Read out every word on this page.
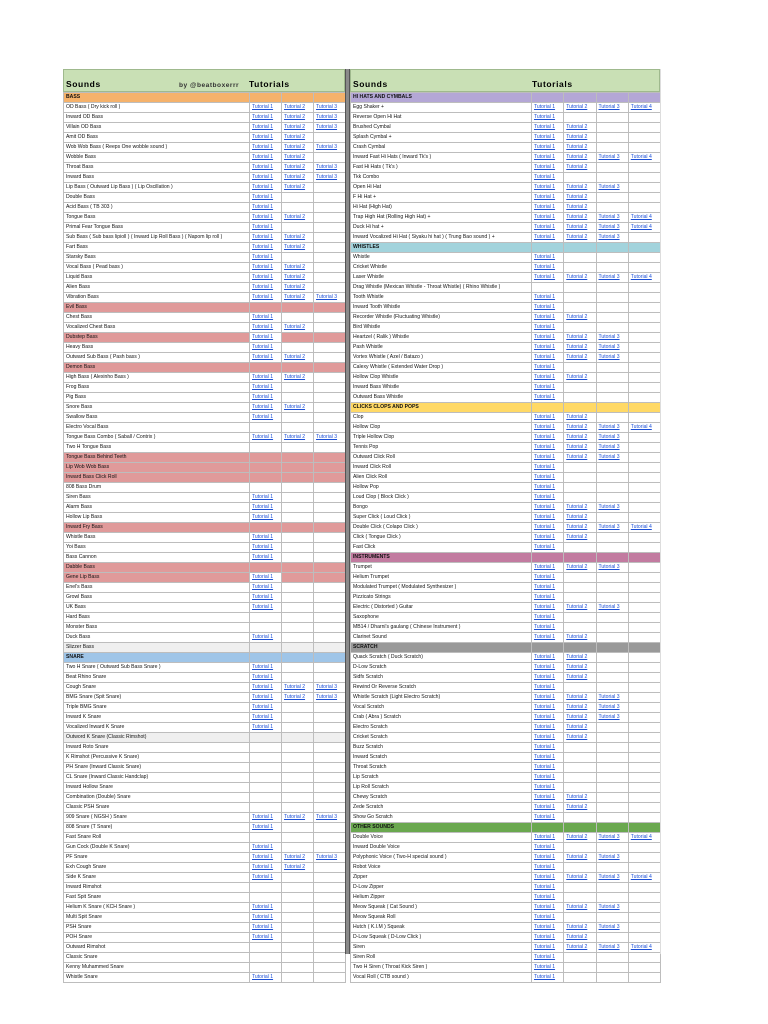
Sounds	by @beatboxerrr Tutorials
BASS			
OD Bass ( Dry kick roll )	Tutorial 1	Tutorial 2	Tutorial 3
Inward OD Bass	Tutorial 1	Tutorial 2	Tutorial 3
Villain OD Bass	Tutorial 1	Tutorial 2	Tutorial 3
Amit OD Bass	Tutorial 1	Tutorial 2	
Wob Wob Bass ( Reeps One wobble sound )	Tutorial 1	Tutorial 2	Tutorial 3
Wobble Bass	Tutorial 1	Tutorial 2	
Throat Bass	Tutorial 1	Tutorial 2	Tutorial 3
Inward Bass	Tutorial 1	Tutorial 2	Tutorial 3
Lip Bass ( Outward Lip Bass ) ( Lip Oscillation )	Tutorial 1	Tutorial 2	
Double Bass	Tutorial 1		
Acid Bass ( TB 303 )	Tutorial 1		
Tongue Bass	Tutorial 1	Tutorial 2	
Primal Fear Tongue Bass	Tutorial 1		
Sub Bass ( Sub bass lipioll ) ( Inward Lip Roll Bass ) ( Napom lip roll )	Tutorial 1	Tutorial 2	
Fart Bass	Tutorial 1	Tutorial 2	
Starsky Bass	Tutorial 1		
Vocal Bass ( Pead bass )	Tutorial 1	Tutorial 2	
Liquid Bass	Tutorial 1	Tutorial 2	
Alien Bass	Tutorial 1	Tutorial 2	
Vibration Bass	Tutorial 1	Tutorial 2	Tutorial 3
Evil Bass			
Chest Bass	Tutorial 1		
Vocalized Chest Bass	Tutorial 1	Tutorial 2	
Dubstep Bass	Tutorial 1		
Heavy Bass	Tutorial 1		
Outward Sub Bass ( Pash bass )	Tutorial 1	Tutorial 2	
Demon Bass			
High Bass ( Alexinho Bass )	Tutorial 1	Tutorial 2	
Frog Bass	Tutorial 1		
Pig Bass	Tutorial 1		
Snore Bass	Tutorial 1	Tutorial 2	
Swallow Bass	Tutorial 1		
Electro Vocal Bass			
Tongue Bass Combo ( Saball / Contrix )	Tutorial 1	Tutorial 2	Tutorial 3
Two H Tongue Bass			
Tongue Bass Behind Teeth			
Lip Wob Wob Bass			
Inward Bass Click Roll			
808 Bass Drum			
Siren Bass	Tutorial 1		
Alarm Bass	Tutorial 1		
Hollow Lip Bass	Tutorial 1		
Inward Fry Bass			
Whistle Bass	Tutorial 1		
Yoi Bass	Tutorial 1		
Bass Cannon	Tutorial 1		
Dabble Bass			
Gene Lip Bass	Tutorial 1		
Enel's Bass	Tutorial 1		
Growl Bass	Tutorial 1		
UK Bass	Tutorial 1		
Hard Bass			
Monster Bass			
Duck Bass	Tutorial 1		
Slizzer Bass			
SNARE			
Two H Snare ( Outward Sub Bass Snare )	Tutorial 1		
Beat Rhino Snare	Tutorial 1		
Cough Snare	Tutorial 1	Tutorial 2	Tutorial 3
BMG Snare (Spit Snare)	Tutorial 1	Tutorial 2	Tutorial 3
Triple BMG Snare	Tutorial 1		
Inward K Snare	Tutorial 1		
Vocalized Inward K Snare	Tutorial 1		
Outword K Snare (Classic Rimshot)			
Inward Roto Snare			
K Rimshot (Percussive K Snare)			
PH Snare (Inward Classic Snare)			
CL Snare (Inward Classic Handclap)			
Inward Hollow Snare			
Combination (Double) Snare			
Classic PSH Snare			
909 Snare ( NGSH ) Snare	Tutorial 1	Tutorial 2	Tutorial 3
808 Snare (T Snare)	Tutorial 1		
Fast Snare Roll			
Gun Cock (Double K Snare)	Tutorial 1		
PF Snare	Tutorial 1	Tutorial 2	Tutorial 3
Exh Cough Snare	Tutorial 1	Tutorial 2	
Side K Snare	Tutorial 1		
Inward Rimshot			
Fast Spit Snare			
Helium K Snare ( KCH Snare )	Tutorial 1		
Multi Spit Snare	Tutorial 1		
PSH Snare	Tutorial 1		
POH Snare	Tutorial 1		
Outward Rimshot			
Classic Snare			
Kenny Muhammed Snare			
Whistle Snare	Tutorial 1		
Sounds	Tutorials
HI HATS AND CYMBALS				
Egg Shaker +	Tutorial 1	Tutorial 2	Tutorial 3	Tutorial 4
Reverse Open Hi Hat	Tutorial 1			
Brushed Cymbal	Tutorial 1	Tutorial 2		
Splash Cymbal +	Tutorial 1	Tutorial 2		
Crash Cymbal	Tutorial 1	Tutorial 2		
Inward Fast Hi Hats ( Inward Tk's )	Tutorial 1	Tutorial 2	Tutorial 3	Tutorial 4
Fast Hi Hats ( Tk's )	Tutorial 1	Tutorial 2		
Tkk Combo	Tutorial 1			
Open Hi Hat	Tutorial 1	Tutorial 2	Tutorial 3	
F Hi Hat +	Tutorial 1	Tutorial 2		
Hi Hat (High Hat)	Tutorial 1	Tutorial 2		
Trap High Hat (Rolling High Hat) +	Tutorial 1	Tutorial 2	Tutorial 3	Tutorial 4
Duck Hi hat +	Tutorial 1	Tutorial 2	Tutorial 3	Tutorial 4
Inward Vocalized Hi Hat ( Siyaku hi hat ) ( Trung Bao sound ) +	Tutorial 1	Tutorial 2	Tutorial 3	
WHISTLES				
Whistle	Tutorial 1			
Cricket Whistle	Tutorial 1			
Laser Whistle	Tutorial 1	Tutorial 2	Tutorial 3	Tutorial 4
Drag Whistle (Mexican Whistle - Throat Whistle) ( Rhino Whistle )				
Tooth Whistle	Tutorial 1			
Inward Tooth Whistle	Tutorial 1			
Recorder Whistle (Fluctuating Whistle)	Tutorial 1	Tutorial 2		
Bird Whistle	Tutorial 1			
Heartzel ( Ralik ) Whistle	Tutorial 1	Tutorial 2	Tutorial 3	
Pash Whistle	Tutorial 1	Tutorial 2	Tutorial 3	
Vortex Whistle ( Azel / Batazo )	Tutorial 1	Tutorial 2	Tutorial 3	
Calexy Whistle ( Extended Water Drop )	Tutorial 1			
Hollow Clop Whistle	Tutorial 1	Tutorial 2		
Inward Bass Whistle	Tutorial 1			
Outward Bass Whistle	Tutorial 1			
CLICKS CLOPS AND POPS				
Clop	Tutorial 1	Tutorial 2		
Hollow Clop	Tutorial 1	Tutorial 2	Tutorial 3	Tutorial 4
Triple Hollow Clop	Tutorial 1	Tutorial 2	Tutorial 3	
Tennis Pop	Tutorial 1	Tutorial 2	Tutorial 3	
Outward Click Roll	Tutorial 1	Tutorial 2	Tutorial 3	
Inward Click Roll	Tutorial 1			
Alien Click Roll	Tutorial 1			
Hollow Pop	Tutorial 1			
Loud Clop ( Block Click )	Tutorial 1			
Bongo	Tutorial 1	Tutorial 2	Tutorial 3	
Super Click ( Loud Click )	Tutorial 1	Tutorial 2		
Double Click ( Colapo Click )	Tutorial 1	Tutorial 2	Tutorial 3	Tutorial 4
Click ( Tongue Click )	Tutorial 1	Tutorial 2		
Fast Click	Tutorial 1			
INSTRUMENTS				
Trumpet	Tutorial 1	Tutorial 2	Tutorial 3	
Helium Trumpet	Tutorial 1			
Modulated Trumpet ( Modulated Synthesizer )	Tutorial 1			
Pizzicato Strings	Tutorial 1			
Electric ( Distorted ) Guitar	Tutorial 1	Tutorial 2	Tutorial 3	
Saxophone	Tutorial 1			
MB14 / Dharni's gaulang ( Chinese Instrument )	Tutorial 1			
Clarinet Sound	Tutorial 1	Tutorial 2		
SCRATCH				
Quack Scratch ( Duck Scratch)	Tutorial 1	Tutorial 2		
D-Low Scratch	Tutorial 1	Tutorial 2		
Sidfx Scratch	Tutorial 1	Tutorial 2		
Rewind Or Reverse Scratch	Tutorial 1			
Whistle Scratch (Light Electro Scratch)	Tutorial 1	Tutorial 2	Tutorial 3	
Vocal Scratch	Tutorial 1	Tutorial 2	Tutorial 3	
Crab ( Abra ) Scratch	Tutorial 1	Tutorial 2	Tutorial 3	
Electro Scratch	Tutorial 1	Tutorial 2		
Cricket Scratch	Tutorial 1	Tutorial 2		
Buzz Scratch	Tutorial 1			
Inward Scratch	Tutorial 1			
Throat Scratch	Tutorial 1			
Lip Scratch	Tutorial 1			
Lip Roll Scratch	Tutorial 1			
Chewy Scratch	Tutorial 1	Tutorial 2		
Zede Scratch	Tutorial 1	Tutorial 2		
Show Go Scratch	Tutorial 1			
OTHER SOUNDS				
Double Voice	Tutorial 1	Tutorial 2	Tutorial 3	Tutorial 4
Inward Double Voice	Tutorial 1			
Polyphonic Voice ( Two-H special sound )	Tutorial 1	Tutorial 2	Tutorial 3	
Robot Voice	Tutorial 1			
Zipper	Tutorial 1	Tutorial 2	Tutorial 3	Tutorial 4
D-Low Zipper	Tutorial 1			
Helium Zipper	Tutorial 1			
Meow Squeak ( Cat Sound )	Tutorial 1	Tutorial 2	Tutorial 3	
Meow Squeak Roll	Tutorial 1			
Hutch ( K.I.M ) Squeak	Tutorial 1	Tutorial 2	Tutorial 3	
D-Low Squeak ( D-Low Click )	Tutorial 1	Tutorial 2		
Siren	Tutorial 1	Tutorial 2	Tutorial 3	Tutorial 4
Siren Roll	Tutorial 1			
Two H Siren ( Throat Kick Siren )	Tutorial 1			
Vocal Roll ( CTB sound )	Tutorial 1			
